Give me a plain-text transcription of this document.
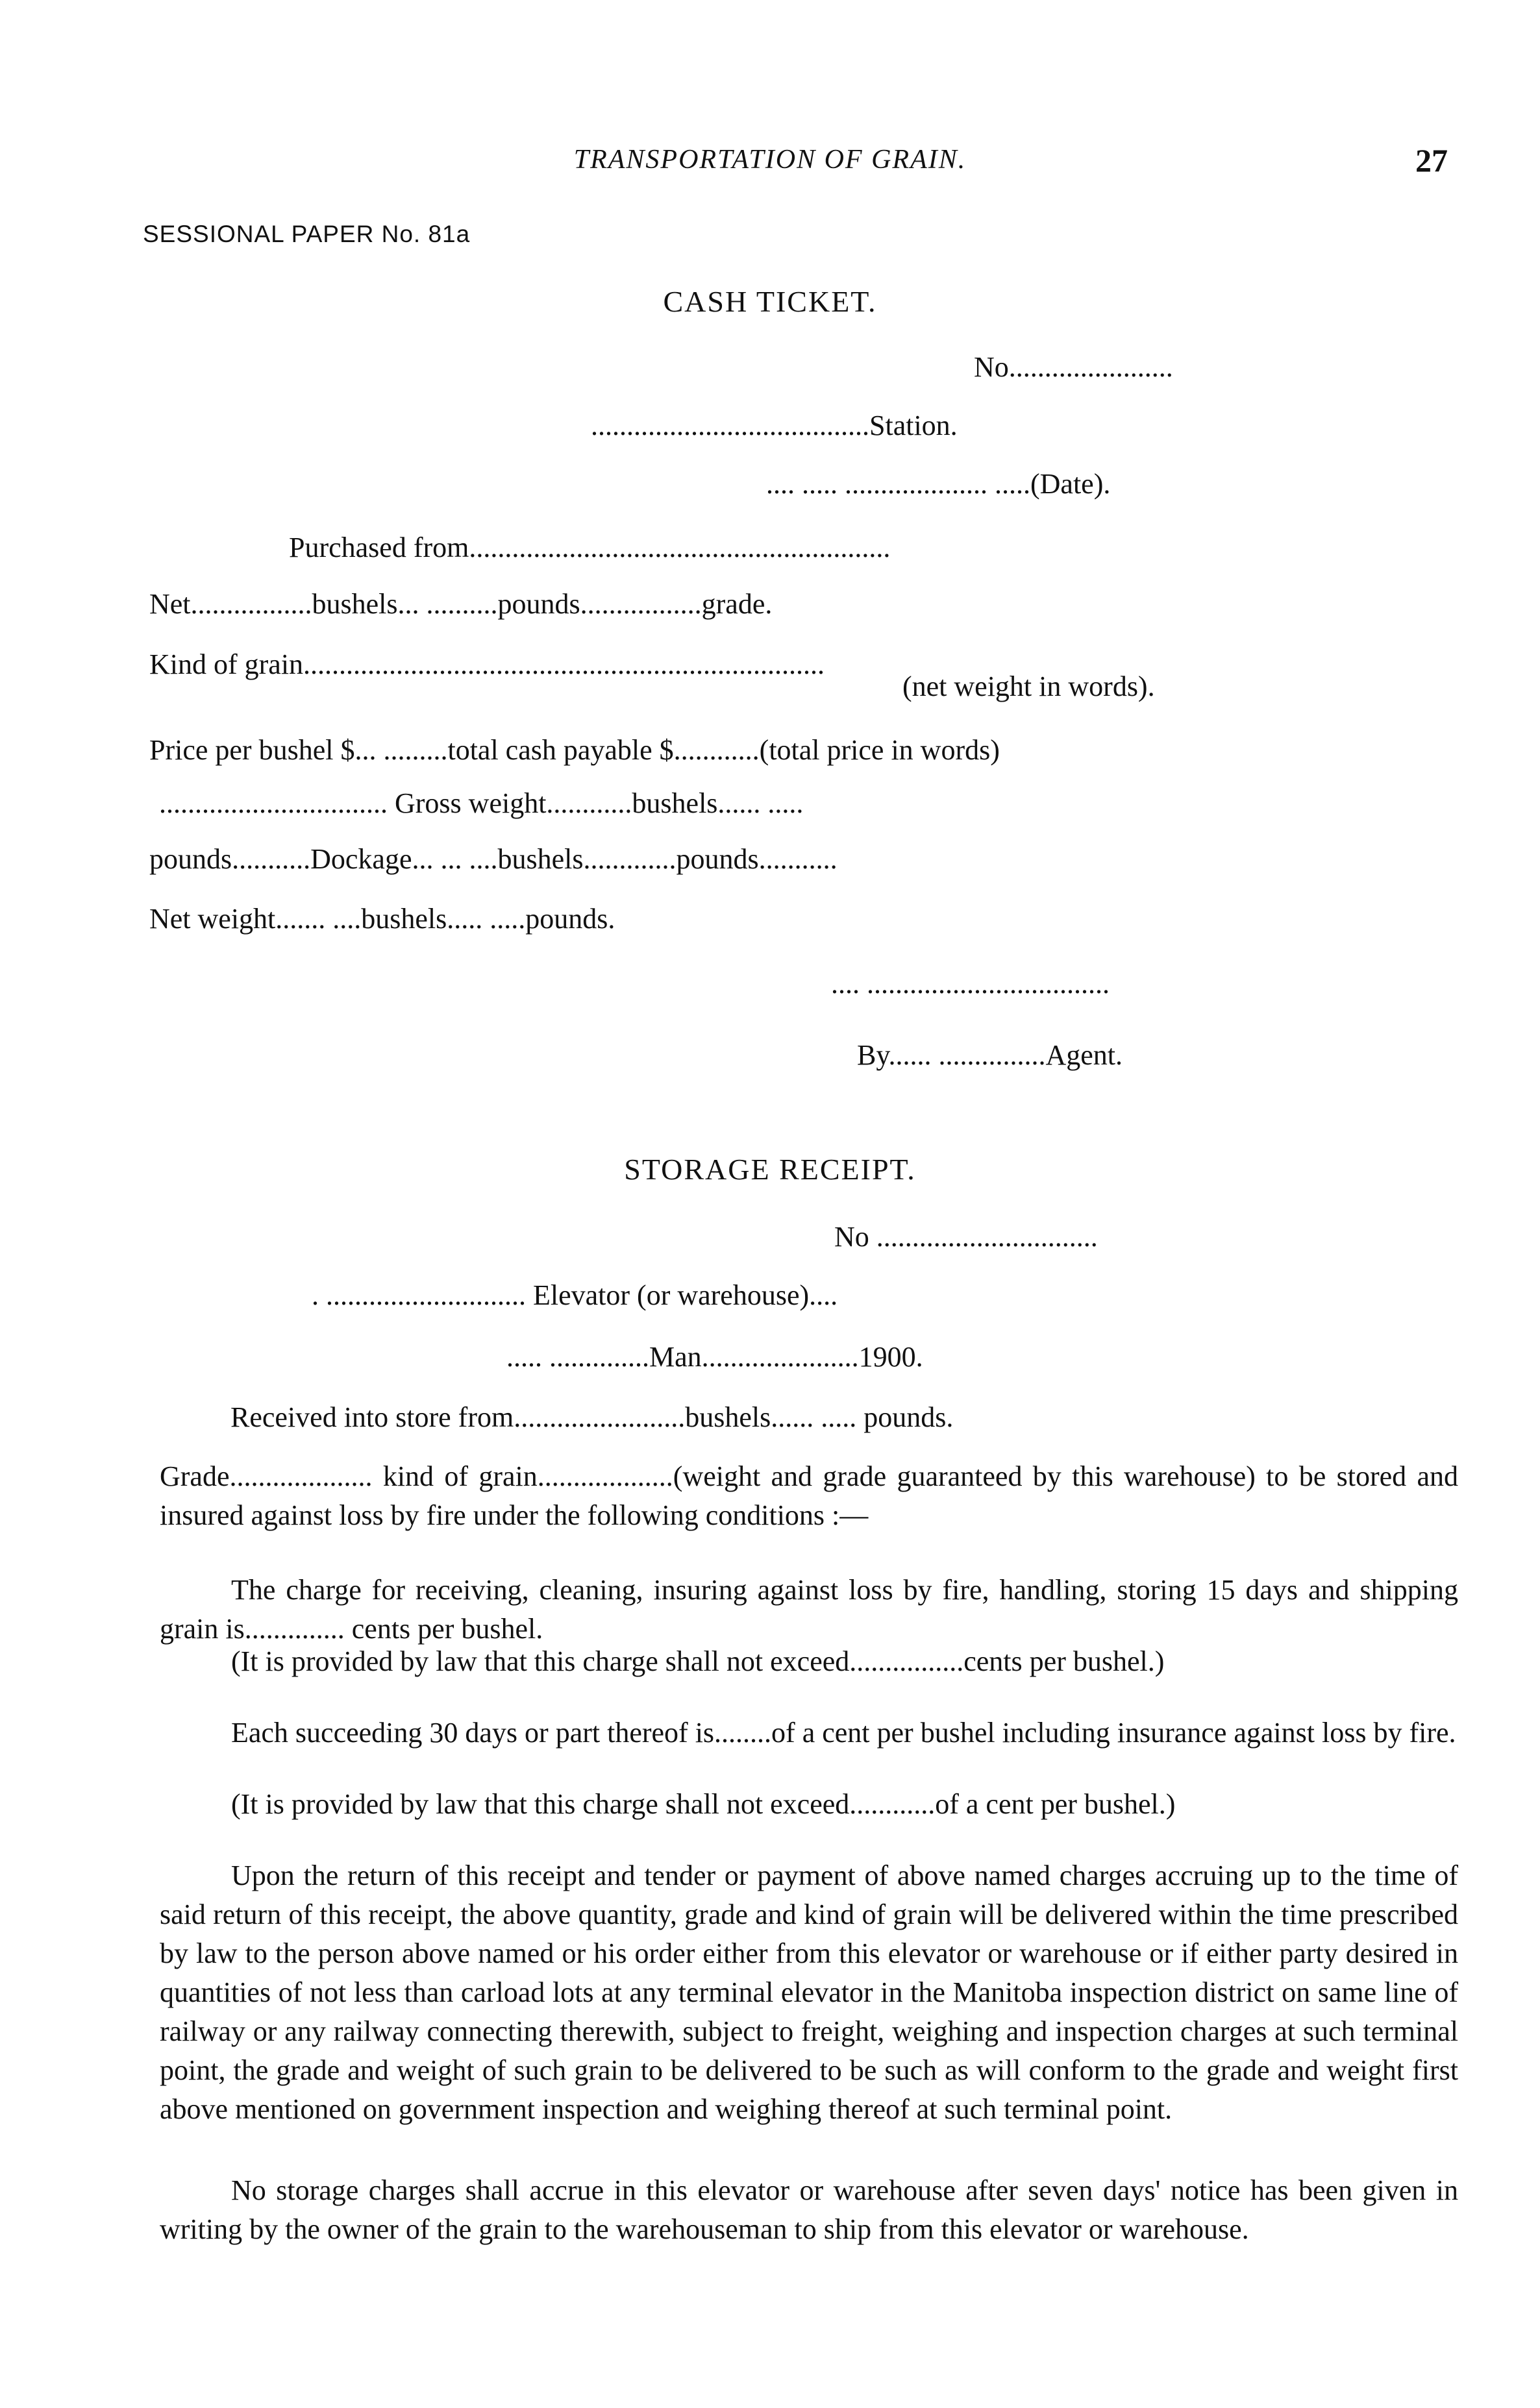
TRANSPORTATION OF GRAIN.	27
SESSIONAL PAPER No. 81a
CASH TICKET.
No.......................
.......................................Station.
.... ..... .................... .....(Date).
Purchased from...........................................................
Net.................bushels... ..........pounds.................grade.
Kind of grain.........................................................................
(net weight in words).
Price per bushel $... .........total cash payable $............(total price in words)
................................ Gross weight............bushels...... .....
pounds...........Dockage... ... ....bushels.............pounds...........
Net weight....... ....bushels..... .....pounds.
.... ..................................
By...... ...............Agent.
STORAGE RECEIPT.
No ...............................
. ............................ Elevator (or warehouse)....
..... ..............Man......................1900.
Received into store from........................bushels...... ..... pounds.
Grade.................... kind of grain...................(weight and grade guaranteed by this warehouse) to be stored and insured against loss by fire under the following conditions :—
The charge for receiving, cleaning, insuring against loss by fire, handling, storing 15 days and shipping grain is.............. cents per bushel.
(It is provided by law that this charge shall not exceed................cents per bushel.)
Each succeeding 30 days or part thereof is........of a cent per bushel including insurance against loss by fire.
(It is provided by law that this charge shall not exceed............of a cent per bushel.)
Upon the return of this receipt and tender or payment of above named charges accruing up to the time of said return of this receipt, the above quantity, grade and kind of grain will be delivered within the time prescribed by law to the person above named or his order either from this elevator or warehouse or if either party desired in quantities of not less than carload lots at any terminal elevator in the Manitoba inspection district on same line of railway or any railway connecting therewith, subject to freight, weighing and inspection charges at such terminal point, the grade and weight of such grain to be delivered to be such as will conform to the grade and weight first above mentioned on government inspection and weighing thereof at such terminal point.
No storage charges shall accrue in this elevator or warehouse after seven days' notice has been given in writing by the owner of the grain to the warehouseman to ship from this elevator or warehouse.
